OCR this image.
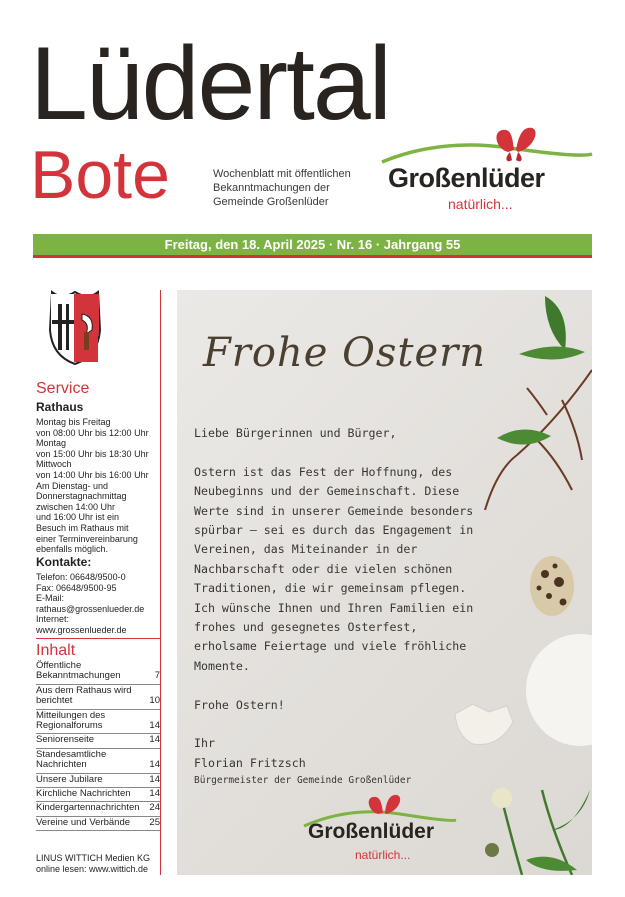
Lüdertal
Bote	Wochenblatt mit öffentlichen
Bekanntmachungen der
Gemeinde Großenlüder
Großenlüder
natürlich...
Freitag, den 18. April 2025 · Nr. 16 · Jahrgang 55
Service
Rathaus
Montag bis Freitag
von 08:00 Uhr bis 12:00 Uhr
Montag
von 15:00 Uhr bis 18:30 Uhr
Mittwoch
von 14:00 Uhr bis 16:00 Uhr
Am Dienstag- und
Donnerstagnachmittag
zwischen 14:00 Uhr
und 16:00 Uhr ist ein
Besuch im Rathaus mit
einer Terminvereinbarung
ebenfalls möglich.
Kontakte:
Telefon: 06648/9500-0
Fax: 06648/9500-95
E-Mail:
rathaus@grossenlueder.de
Internet:
www.grossenlueder.de
Inhalt
Öffentliche Bekanntmachungen	7
Aus dem Rathaus wird berichtet	10
Mitteilungen des Regionalforums	14
Seniorenseite	14
Standesamtliche Nachrichten	14
Unsere Jubilare	14
Kirchliche Nachrichten	14
Kindergartennachrichten	24
Vereine und Verbände	25
LINUS WITTICH Medien KG
online lesen: www.wittich.de
Frohe Ostern

Liebe Bürgerinnen und Bürger,

Ostern ist das Fest der Hoffnung, des

Neubeginns und der Gemeinschaft. Diese

Werte sind in unserer Gemeinde besonders

spürbar – sei es durch das Engagement in

Vereinen, das Miteinander in der

Nachbarschaft oder die vielen schönen

Traditionen, die wir gemeinsam pflegen.

Ich wünsche Ihnen und Ihren Familien ein

frohes und gesegnetes Osterfest,

erholsame Feiertage und viele fröhliche

Momente.

Frohe Ostern!

Ihr

Florian Fritzsch

Bürgermeister der Gemeinde Großenlüder

Großenlüder
natürlich...
